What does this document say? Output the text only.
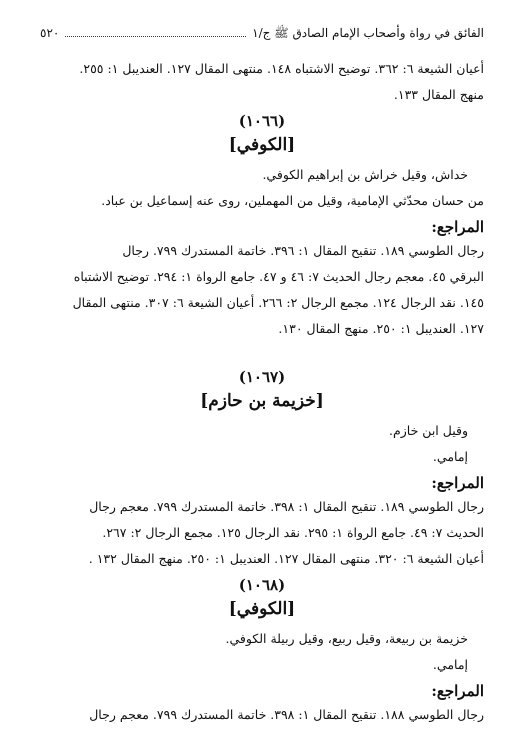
الفائق في رواة وأصحاب الإمام الصادق ﷺ ج/١
٥٢٠
أعيان الشيعة ٦: ٣٦٢. توضيح الاشتباه ١٤٨. منتهى المقال ١٢٧. العنديبل ١: ٢٥٥.
منهج المقال ١٣٣.
(١٠٦٦)
[الكوفي]
خداش، وقيل خراش بن إبراهيم الكوفي.
من حسان محدّثي الإمامية، وقيل من المهملين، روى عنه إسماعيل بن عباد.
المراجع:
رجال الطوسي ١٨٩. تنقيح المقال ١: ٣٩٦. خاتمة المستدرك ٧٩٩. رجال
البرقي ٤٥. معجم رجال الحديث ٧: ٤٦ و ٤٧. جامع الرواة ١: ٢٩٤. توضيح الاشتباه
١٤٥. نقد الرجال ١٢٤. مجمع الرجال ٢: ٢٦٦. أعيان الشيعة ٦: ٣٠٧. منتهى المقال
١٢٧. العنديبل ١: ٢٥٠. منهج المقال ١٣٠.
(١٠٦٧)
[خزيمة بن حازم]
وقيل ابن خازم.
إمامي.
المراجع:
رجال الطوسي ١٨٩. تنقيح المقال ١: ٣٩٨. خاتمة المستدرك ٧٩٩. معجم رجال
الحديث ٧: ٤٩. جامع الرواة ١: ٢٩٥. نقد الرجال ١٢٥. مجمع الرجال ٢: ٢٦٧.
أعيان الشيعة ٦: ٣٢٠. منتهى المقال ١٢٧. العنديبل ١: ٢٥٠. منهج المقال ١٣٢ .
(١٠٦٨)
[الكوفي]
خزيمة بن ربيعة، وقيل ربيع، وقيل ربيلة الكوفي.
إمامي.
المراجع:
رجال الطوسي ١٨٨. تنقيح المقال ١: ٣٩٨. خاتمة المستدرك ٧٩٩. معجم رجال
